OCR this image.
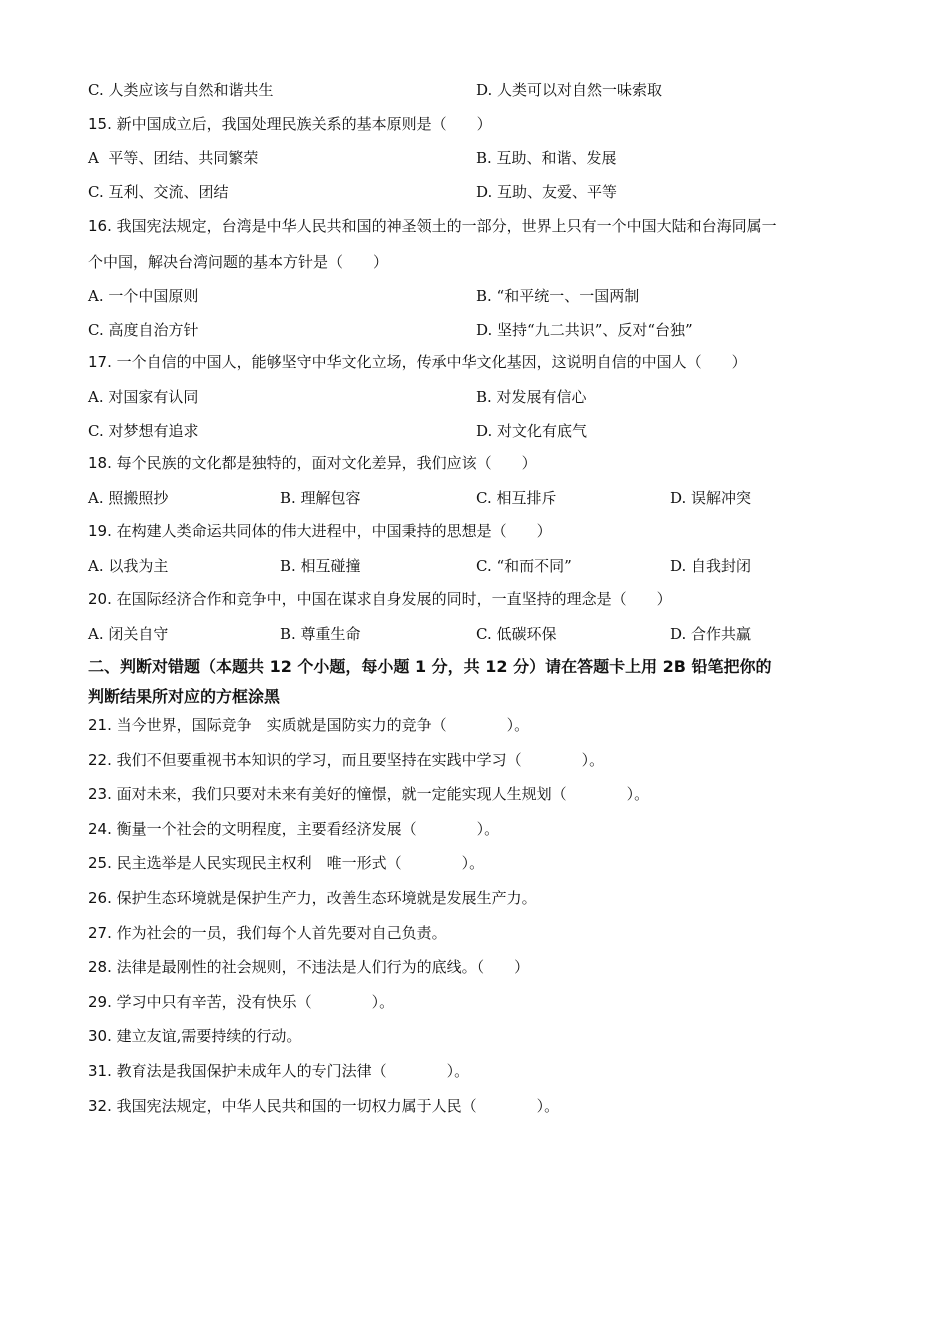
C. 人类应该与自然和谐共生	D. 人类可以对自然一味索取
15. 新中国成立后，我国处理民族关系的基本原则是（　　）
A  平等、团结、共同繁荣	B. 互助、和谐、发展
C. 互利、交流、团结	D. 互助、友爱、平等
16. 我国宪法规定，台湾是中华人民共和国的神圣领土的一部分，世界上只有一个中国大陆和台海同属一
个中国，解决台湾问题的基本方针是（　　）
A. 一个中国原则	B. “和平统一、一国两制
C. 高度自治方针	D. 坚持“九二共识”、反对“台独”
17. 一个自信的中国人，能够坚守中华文化立场，传承中华文化基因，这说明自信的中国人（　　）
A. 对国家有认同	B. 对发展有信心
C. 对梦想有追求	D. 对文化有底气
18. 每个民族的文化都是独特的，面对文化差异，我们应该（　　）
A. 照搬照抄	B. 理解包容	C. 相互排斥	D. 误解冲突
19. 在构建人类命运共同体的伟大进程中，中国秉持的思想是（　　）
A. 以我为主	B. 相互碰撞	C. “和而不同”	D. 自我封闭
20. 在国际经济合作和竞争中，中国在谋求自身发展的同时，一直坚持的理念是（　　）
A. 闭关自守	B. 尊重生命	C. 低碳环保	D. 合作共赢
二、判断对错题（本题共 12 个小题，每小题 1 分，共 12 分）请在答题卡上用 2B 铅笔把你的
判断结果所对应的方框涂黑
21. 当今世界，国际竞争　实质就是国防实力的竞争（　　　　）。
22. 我们不但要重视书本知识的学习，而且要坚持在实践中学习（　　　　）。
23. 面对未来，我们只要对未来有美好的憧憬，就一定能实现人生规划（　　　　）。
24. 衡量一个社会的文明程度，主要看经济发展（　　　　）。
25. 民主选举是人民实现民主权利　唯一形式（　　　　）。
26. 保护生态环境就是保护生产力，改善生态环境就是发展生产力。
27. 作为社会的一员，我们每个人首先要对自己负责。
28. 法律是最刚性的社会规则，不违法是人们行为的底线。（　　）
29. 学习中只有辛苦，没有快乐（　　　　）。
30. 建立友谊,需要持续的行动。
31. 教育法是我国保护未成年人的专门法律（　　　　）。
32. 我国宪法规定，中华人民共和国的一切权力属于人民（　　　　）。
